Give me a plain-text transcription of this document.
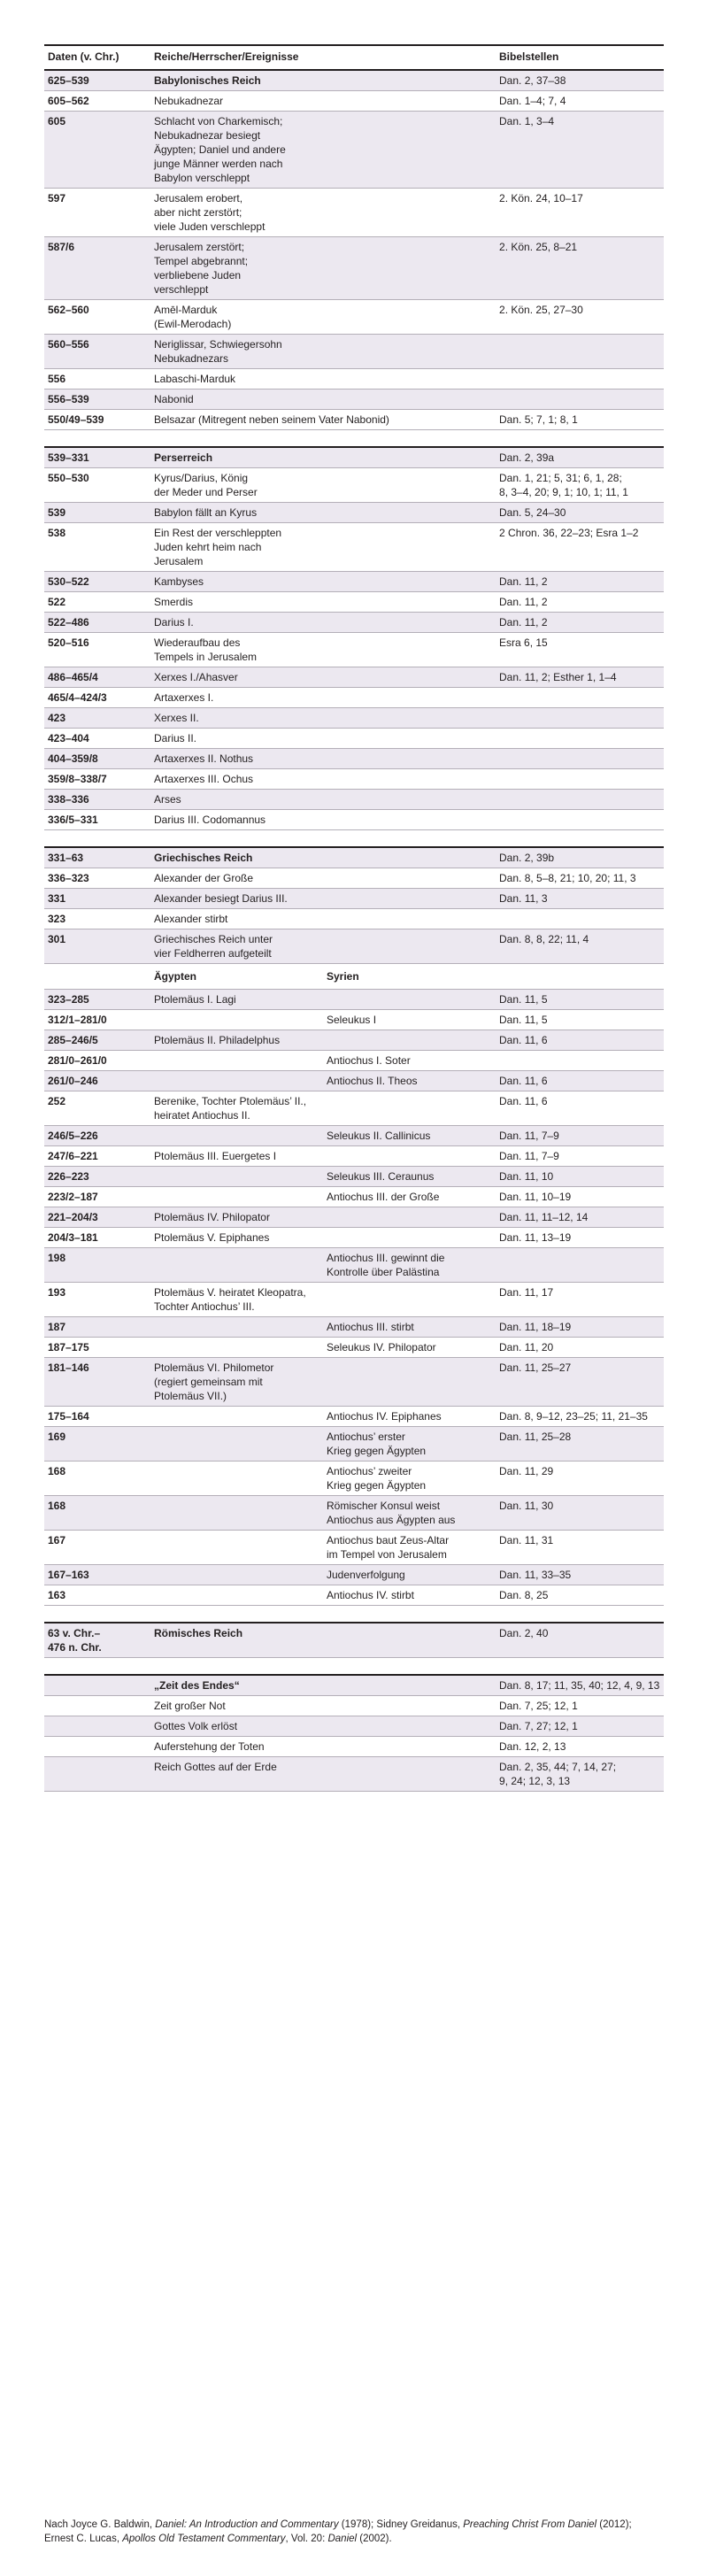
Daten (v. Chr.)	Reiche/Herrscher/Ereignisse		Bibelstellen
625–539	Babylonisches Reich		Dan. 2, 37–38
605–562	Nebukadnezar		Dan. 1–4; 7, 4
605	Schlacht von Charkemisch;
Nebukadnezar besiegt
Ägypten; Daniel und andere
junge Männer werden nach
Babylon verschleppt		Dan. 1, 3–4
597	Jerusalem erobert,
aber nicht zerstört;
viele Juden verschleppt		2. Kön. 24, 10–17
587/6	Jerusalem zerstört;
Tempel abgebrannt;
verbliebene Juden
verschleppt		2. Kön. 25, 8–21
562–560	Amēl-Marduk
(Ewil-Merodach)		2. Kön. 25, 27–30
560–556	Neriglissar, Schwiegersohn
Nebukadnezars		
556	Labaschi-Marduk		
556–539	Nabonid		
550/49–539	Belsazar (Mitregent neben seinem Vater Nabonid)		Dan. 5; 7, 1; 8, 1

539–331	Perserreich		Dan. 2, 39a
550–530	Kyrus/Darius, König
der Meder und Perser		Dan. 1, 21; 5, 31; 6, 1, 28;
8, 3–4, 20; 9, 1; 10, 1; 11, 1
539	Babylon fällt an Kyrus		Dan. 5, 24–30
538	Ein Rest der verschleppten
Juden kehrt heim nach
Jerusalem		2 Chron. 36, 22–23; Esra 1–2
530–522	Kambyses		Dan. 11, 2
522	Smerdis		Dan. 11, 2
522–486	Darius I.		Dan. 11, 2
520–516	Wiederaufbau des
Tempels in Jerusalem		Esra 6, 15
486–465/4	Xerxes I./Ahasver		Dan. 11, 2; Esther 1, 1–4
465/4–424/3	Artaxerxes I.		
423	Xerxes II.		
423–404	Darius II.		
404–359/8	Artaxerxes II. Nothus		
359/8–338/7	Artaxerxes III. Ochus		
338–336	Arses		
336/5–331	Darius III. Codomannus		

331–63	Griechisches Reich		Dan. 2, 39b
336–323	Alexander der Große		Dan. 8, 5–8, 21; 10, 20; 11, 3
331	Alexander besiegt Darius III.		Dan. 11, 3
323	Alexander stirbt		
301	Griechisches Reich unter
vier Feldherren aufgeteilt		Dan. 8, 8, 22; 11, 4
	Ägypten	Syrien	
323–285	Ptolemäus I. Lagi		Dan. 11, 5
312/1–281/0		Seleukus I	Dan. 11, 5
285–246/5	Ptolemäus II. Philadelphus		Dan. 11, 6
281/0–261/0		Antiochus I. Soter	
261/0–246		Antiochus II. Theos	Dan. 11, 6
252	Berenike, Tochter Ptolemäus’ II.,
heiratet Antiochus II.		Dan. 11, 6
246/5–226		Seleukus II. Callinicus	Dan. 11, 7–9
247/6–221	Ptolemäus III. Euergetes I		Dan. 11, 7–9
226–223		Seleukus III. Ceraunus	Dan. 11, 10
223/2–187		Antiochus III. der Große	Dan. 11, 10–19
221–204/3	Ptolemäus IV. Philopator		Dan. 11, 11–12, 14
204/3–181	Ptolemäus V. Epiphanes		Dan. 11, 13–19
198		Antiochus III. gewinnt die
Kontrolle über Palästina	
193	Ptolemäus V. heiratet Kleopatra,
Tochter Antiochus’ III.		Dan. 11, 17
187		Antiochus III. stirbt	Dan. 11, 18–19
187–175		Seleukus IV. Philopator	Dan. 11, 20
181–146	Ptolemäus VI. Philometor
(regiert gemeinsam mit
Ptolemäus VII.)		Dan. 11, 25–27
175–164		Antiochus IV. Epiphanes	Dan. 8, 9–12, 23–25; 11, 21–35
169		Antiochus’ erster
Krieg gegen Ägypten	Dan. 11, 25–28
168		Antiochus’ zweiter
Krieg gegen Ägypten	Dan. 11, 29
168		Römischer Konsul weist
Antiochus aus Ägypten aus	Dan. 11, 30
167		Antiochus baut Zeus-Altar
im Tempel von Jerusalem	Dan. 11, 31
167–163		Judenverfolgung	Dan. 11, 33–35
163		Antiochus IV. stirbt	Dan. 8, 25

63 v. Chr.–
476 n. Chr.	Römisches Reich		Dan. 2, 40

	„Zeit des Endes“		Dan. 8, 17; 11, 35, 40; 12, 4, 9, 13
	Zeit großer Not		Dan. 7, 25; 12, 1
	Gottes Volk erlöst		Dan. 7, 27; 12, 1
	Auferstehung der Toten		Dan. 12, 2, 13
	Reich Gottes auf der Erde		Dan. 2, 35, 44; 7, 14, 27;
9, 24; 12, 3, 13
Nach Joyce G. Baldwin, Daniel: An Introduction and Commentary (1978); Sidney Greidanus, Preaching Christ From Daniel (2012); Ernest C. Lucas, Apollos Old Testament Commentary, Vol. 20: Daniel (2002).
